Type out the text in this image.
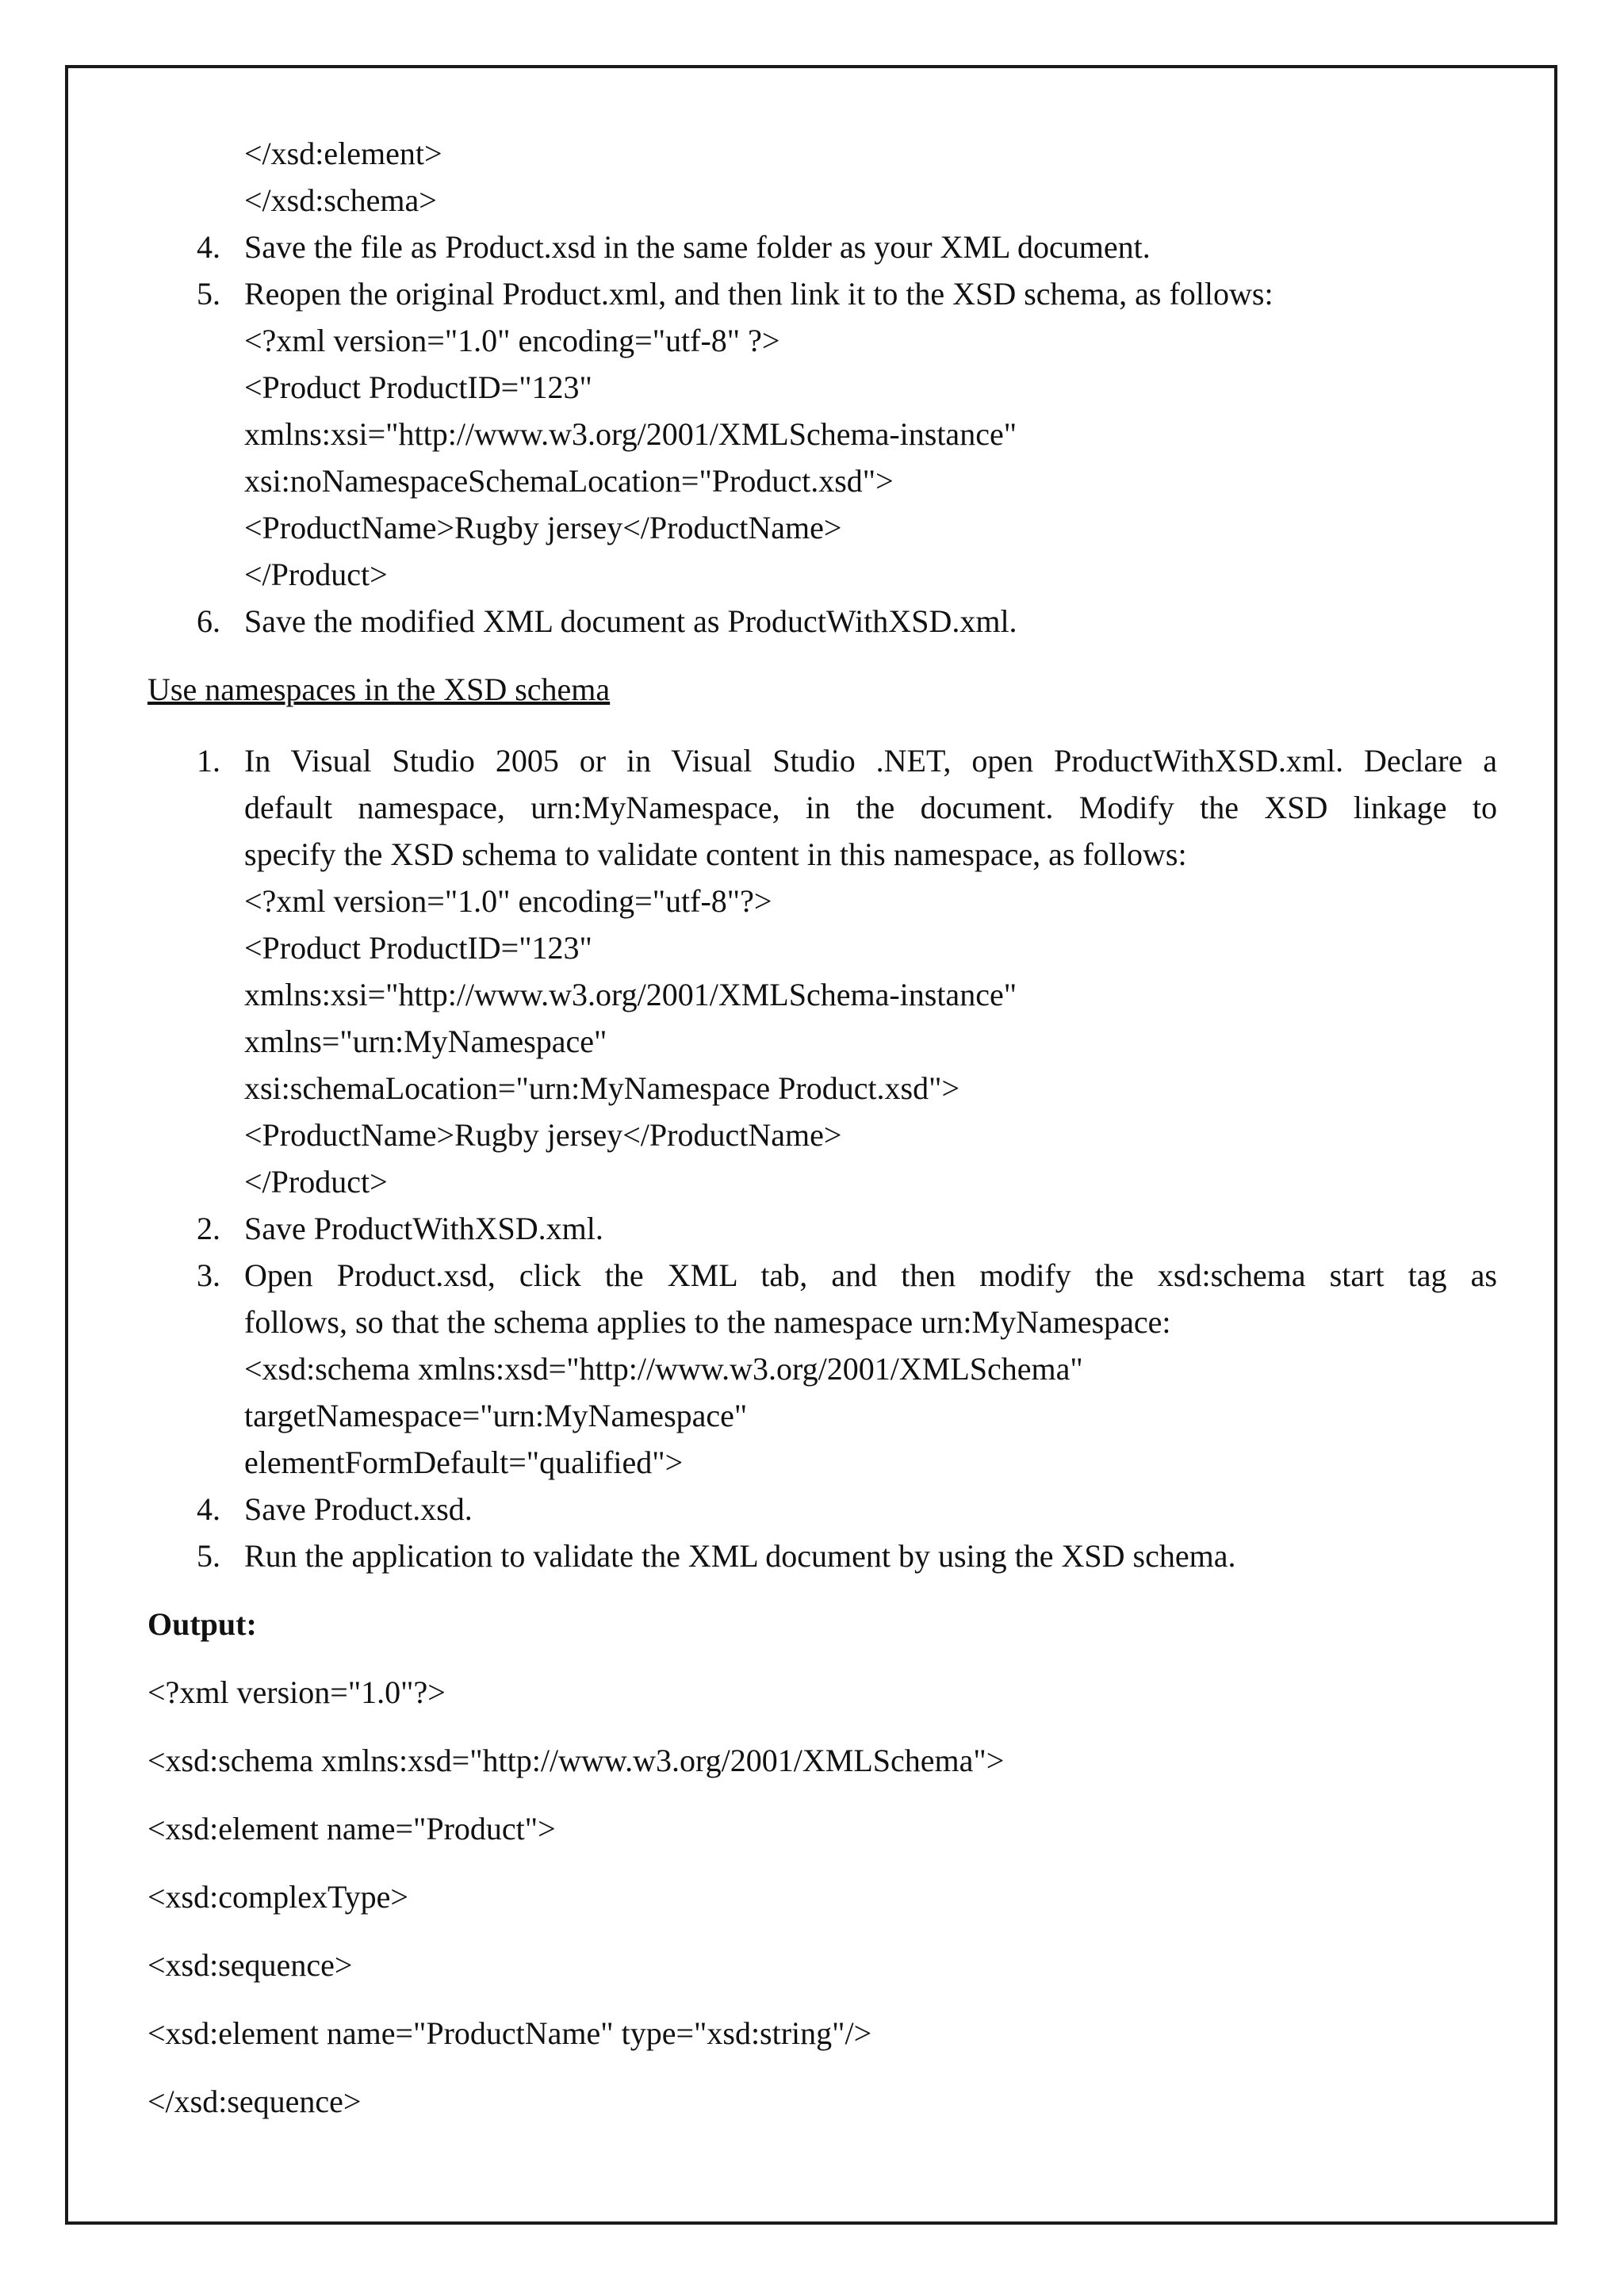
</xsd:element>
</xsd:schema>
4. Save the file as Product.xsd in the same folder as your XML document.
5. Reopen the original Product.xml, and then link it to the XSD schema, as follows:
<?xml version="1.0" encoding="utf-8" ?>
<Product ProductID="123"
xmlns:xsi="http://www.w3.org/2001/XMLSchema-instance"
xsi:noNamespaceSchemaLocation="Product.xsd">
<ProductName>Rugby jersey</ProductName>
</Product>
6. Save the modified XML document as ProductWithXSD.xml.
Use namespaces in the XSD schema
1. In Visual Studio 2005 or in Visual Studio .NET, open ProductWithXSD.xml. Declare a
default namespace, urn:MyNamespace, in the document. Modify the XSD linkage to
specify the XSD schema to validate content in this namespace, as follows:
<?xml version="1.0" encoding="utf-8"?>
<Product ProductID="123"
xmlns:xsi="http://www.w3.org/2001/XMLSchema-instance"
xmlns="urn:MyNamespace"
xsi:schemaLocation="urn:MyNamespace Product.xsd">
<ProductName>Rugby jersey</ProductName>
</Product>
2. Save ProductWithXSD.xml.
3. Open Product.xsd, click the XML tab, and then modify the xsd:schema start tag as
follows, so that the schema applies to the namespace urn:MyNamespace:
<xsd:schema xmlns:xsd="http://www.w3.org/2001/XMLSchema"
targetNamespace="urn:MyNamespace"
elementFormDefault="qualified">
4. Save Product.xsd.
5. Run the application to validate the XML document by using the XSD schema.
Output:
<?xml version="1.0"?>
<xsd:schema xmlns:xsd="http://www.w3.org/2001/XMLSchema">
<xsd:element name="Product">
<xsd:complexType>
<xsd:sequence>
<xsd:element name="ProductName" type="xsd:string"/>
</xsd:sequence>
